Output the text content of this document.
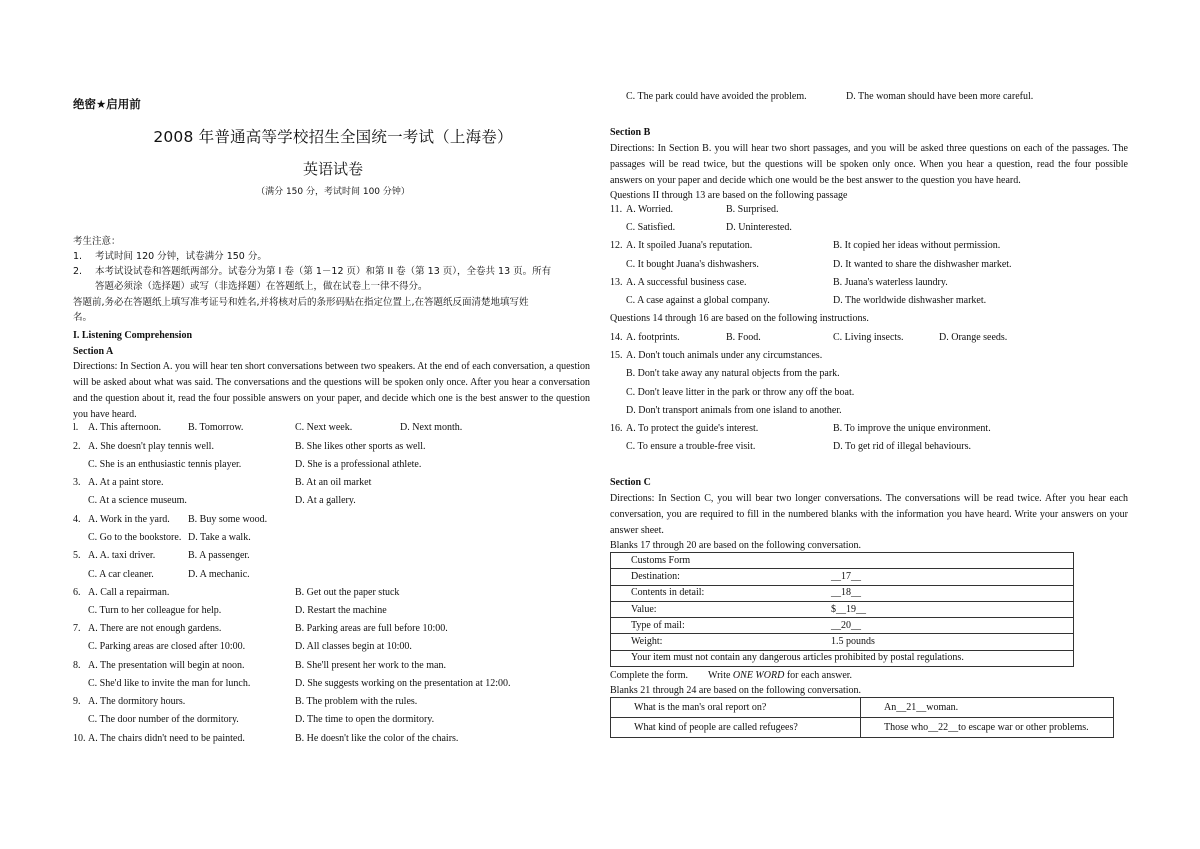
绝密★启用前
2008 年普通高等学校招生全国统一考试（上海卷）
英语试卷
（满分 150 分，考试时间 100 分钟）
考生注意：
1. 考试时间 120 分钟，试卷满分 150 分。
2. 本考试设试卷和答题纸两部分。试卷分为第 I 卷（第 1－12 页）和第 II 卷（第 13 页），全卷共 13 页。所有
答题必须涂（选择题）或写（非选择题）在答题纸上，做在试卷上一律不得分。
答题前,务必在答题纸上填写准考证号和姓名,并将核对后的条形码贴在指定位置上,在答题纸反面清楚地填写姓
名。
I. Listening Comprehension
Section A
Directions: In Section A. you will hear ten short conversations between two speakers. At the end of each conversation, a question will be asked about what was said. The conversations and the questions will be spoken only once. After you hear a conversation and the question about it, read the four possible answers on your paper, and decide which one is the best answer to the question you have heard.
l. A. This afternoon.	B. Tomorrow.	C. Next week.	D. Next month.
2. A. She doesn't play tennis well.	B. She likes other sports as well.
C. She is an enthusiastic tennis player.	D. She is a professional athlete.
3. A. At a paint store.	B. At an oil market
C. At a science museum.	D. At a gallery.
4. A. Work in the yard. B. Buy some wood.
C. Go to the bookstore. D. Take a walk.
5. A. A. taxi driver.	B. A passenger.
C. A car cleaner.	D. A mechanic.
6. A. Call a repairman.	B. Get out the paper stuck
C. Turn to her colleague for help.	D. Restart the machine
7. A. There are not enough gardens.	B. Parking areas are full before 10:00.
C. Parking areas are closed after 10:00.	D. All classes begin at 10:00.
8. A. The presentation will begin at noon.	B. She'll present her work to the man.
C. She'd like to invite the man for lunch.	D. She suggests working on the presentation at 12:00.
9. A. The dormitory hours.	B. The problem with the rules.
C. The door number of the dormitory.	D. The time to open the dormitory.
10. A. The chairs didn't need to be painted.	B. He doesn't like the color of the chairs.
C. The park could have avoided the problem.	D. The woman should have been more careful.
Section B
Directions: In Section B. you will hear two short passages, and you will be asked three questions on each of the passages. The passages will be read twice, but the questions will be spoken only once. When you hear a question, read the four possible answers on your paper and decide which one would be the best answer to the question you have heard.
Questions II through 13 are based on the following passage
11. A. Worried.	B. Surprised.
C. Satisfied.	D. Uninterested.
12. A. It spoiled Juana's reputation.	B. It copied her ideas without permission.
C. It bought Juana's dishwashers.	D. It wanted to share the dishwasher market.
13. A. A successful business case.	B. Juana's waterless laundry.
C. A case against a global company.	D. The worldwide dishwasher market.
Questions 14 through 16 are based on the following instructions.
14. A. footprints.	B. Food.	C. Living insects.	D. Orange seeds.
15. A. Don't touch animals under any circumstances.
B. Don't take away any natural objects from the park.
C. Don't leave litter in the park or throw any off the boat.
D. Don't transport animals from one island to another.
16. A. To protect the guide's interest.	B. To improve the unique environment.
C. To ensure a trouble-free visit.	D. To get rid of illegal behaviours.
Section C
Directions: In Section C, you will bear two longer conversations. The conversations will be read twice. After you hear each conversation, you are required to fill in the numbered blanks with the information you have heard. Write your answers on your answer sheet.
Blanks 17 through 20 are based on the following conversation.
Customs Form
Destination:	__17__

Contents in detail:	__18__

Value:	$__19__

Type of mail:	__20__

Weight:	1.5 pounds

Your item must not contain any dangerous articles prohibited by postal regulations.
Complete the form. Write ONE WORD for each answer.
Blanks 21 through 24 are based on the following conversation.
What is the man's oral report on?	An__21__woman.
What kind of people are called refugees?	Those who__22__to escape war or other problems.
